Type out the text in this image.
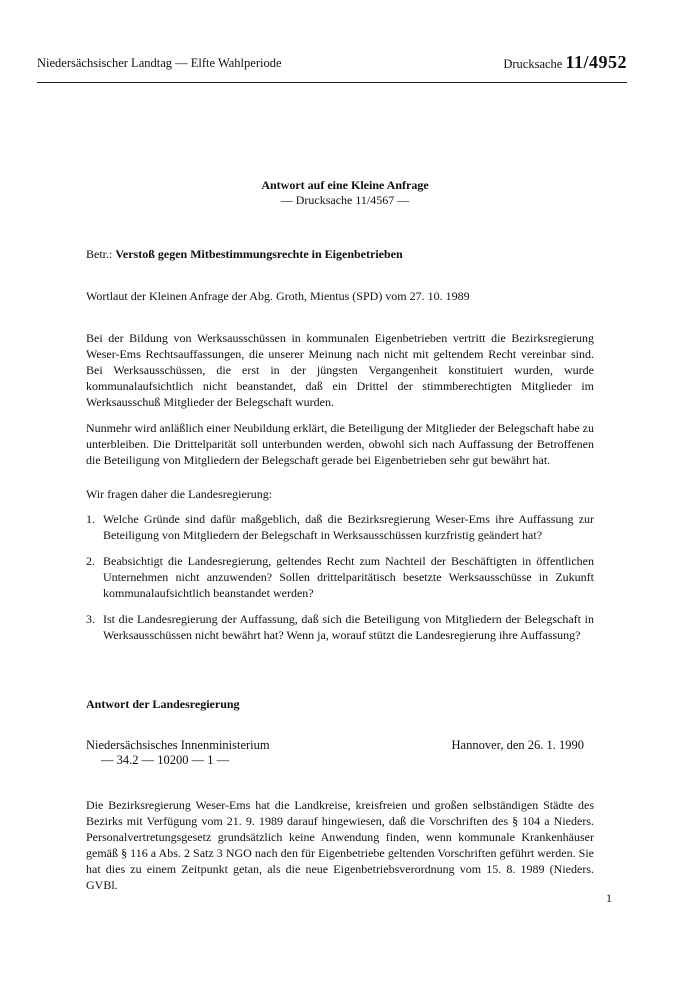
Niedersächsischer Landtag — Elfte Wahlperiode	Drucksache 11/4952
Antwort auf eine Kleine Anfrage
— Drucksache 11/4567 —
Betr.: Verstoß gegen Mitbestimmungsrechte in Eigenbetrieben
Wortlaut der Kleinen Anfrage der Abg. Groth, Mientus (SPD) vom 27. 10. 1989
Bei der Bildung von Werksausschüssen in kommunalen Eigenbetrieben vertritt die Bezirksregierung Weser-Ems Rechtsauffassungen, die unserer Meinung nach nicht mit geltendem Recht vereinbar sind. Bei Werksausschüssen, die erst in der jüngsten Vergangenheit konstituiert wurden, wurde kommunalaufsichtlich nicht beanstandet, daß ein Drittel der stimmberechtigten Mitglieder im Werksausschuß Mitglieder der Belegschaft wurden.
Nunmehr wird anläßlich einer Neubildung erklärt, die Beteiligung der Mitglieder der Belegschaft habe zu unterbleiben. Die Drittelparität soll unterbunden werden, obwohl sich nach Auffassung der Betroffenen die Beteiligung von Mitgliedern der Belegschaft gerade bei Eigenbetrieben sehr gut bewährt hat.
Wir fragen daher die Landesregierung:
1. Welche Gründe sind dafür maßgeblich, daß die Bezirksregierung Weser-Ems ihre Auffassung zur Beteiligung von Mitgliedern der Belegschaft in Werksausschüssen kurzfristig geändert hat?
2. Beabsichtigt die Landesregierung, geltendes Recht zum Nachteil der Beschäftigten in öffentlichen Unternehmen nicht anzuwenden? Sollen drittelparitätisch besetzte Werksausschüsse in Zukunft kommunalaufsichtlich beanstandet werden?
3. Ist die Landesregierung der Auffassung, daß sich die Beteiligung von Mitgliedern der Belegschaft in Werksausschüssen nicht bewährt hat? Wenn ja, worauf stützt die Landesregierung ihre Auffassung?
Antwort der Landesregierung
Niedersächsisches Innenministerium
— 34.2 — 10200 — 1 —
Hannover, den 26. 1. 1990
Die Bezirksregierung Weser-Ems hat die Landkreise, kreisfreien und großen selbständigen Städte des Bezirks mit Verfügung vom 21. 9. 1989 darauf hingewiesen, daß die Vorschriften des § 104 a Nieders. Personalvertretungsgesetz grundsätzlich keine Anwendung finden, wenn kommunale Krankenhäuser gemäß § 116 a Abs. 2 Satz 3 NGO nach den für Eigenbetriebe geltenden Vorschriften geführt werden. Sie hat dies zu einem Zeitpunkt getan, als die neue Eigenbetriebsverordnung vom 15. 8. 1989 (Nieders. GVBl.
1
